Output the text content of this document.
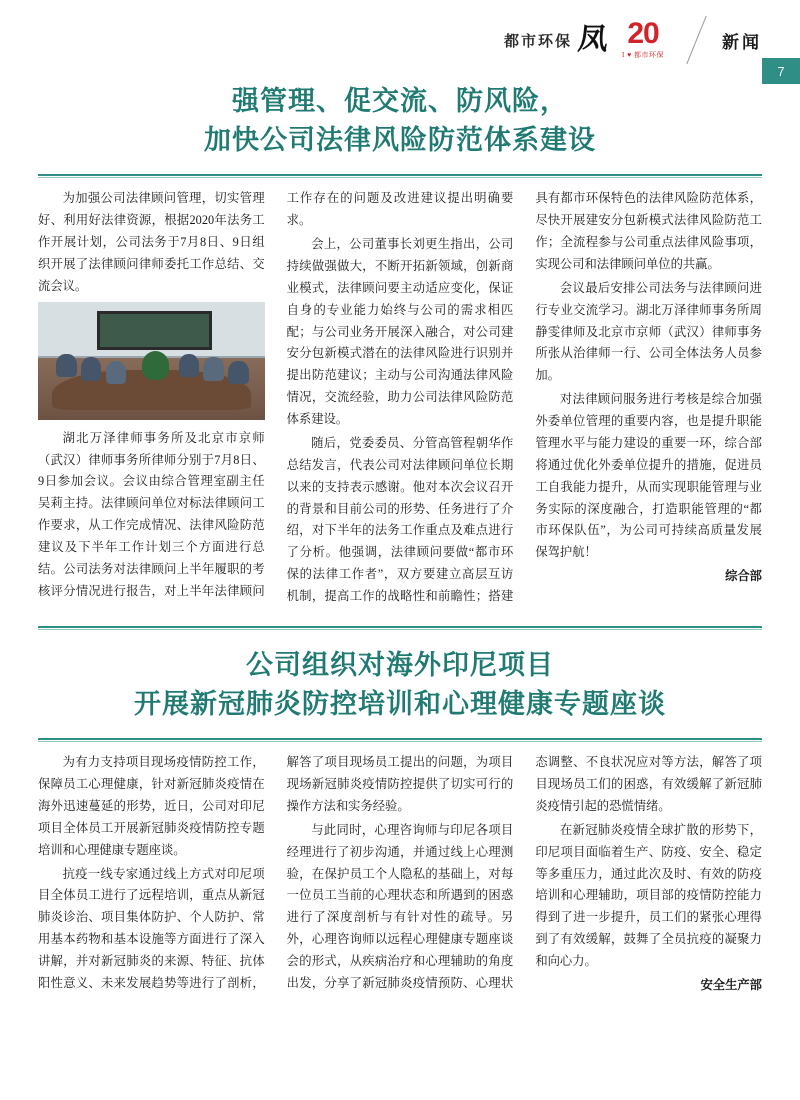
都市环保 凤 20
I ♥ 都市环保
新闻
7
强管理、促交流、防风险，
加快公司法律风险防范体系建设

为加强公司法律顾问管理，切实管理好、利用好法律资源，根据2020年法务工作开展计划，公司法务于7月8日、9日组织开展了法律顾问律师委托工作总结、交流会议。

湖北万泽律师事务所及北京市京师（武汉）律师事务所律师分别于7月8日、9日参加会议。会议由综合管理室副主任吴莉主持。法律顾问单位对标法律顾问工作要求，从工作完成情况、法律风险防范建议及下半年工作计划三个方面进行总结。公司法务对法律顾问上半年履职的考核评分情况进行报告，对上半年法律顾问工作存在的问题及改进建议提出明确要求。

会上，公司董事长刘更生指出，公司持续做强做大，不断开拓新领域，创新商业模式，法律顾问要主动适应变化，保证自身的专业能力始终与公司的需求相匹配；与公司业务开展深入融合，对公司建安分包新模式潜在的法律风险进行识别并提出防范建议；主动与公司沟通法律风险情况，交流经验，助力公司法律风险防范体系建设。

随后，党委委员、分管高管程朝华作总结发言，代表公司对法律顾问单位长期以来的支持表示感谢。他对本次会议召开的背景和目前公司的形势、任务进行了介绍，对下半年的法务工作重点及难点进行了分析。他强调，法律顾问要做“都市环保的法律工作者”，双方要建立高层互访机制，提高工作的战略性和前瞻性；搭建具有都市环保特色的法律风险防范体系，尽快开展建安分包新模式法律风险防范工作；全流程参与公司重点法律风险事项，实现公司和法律顾问单位的共赢。

会议最后安排公司法务与法律顾问进行专业交流学习。湖北万泽律师事务所周静雯律师及北京市京师（武汉）律师事务所张从治律师一行、公司全体法务人员参加。

对法律顾问服务进行考核是综合加强外委单位管理的重要内容，也是提升职能管理水平与能力建设的重要一环，综合部将通过优化外委单位提升的措施，促进员工自我能力提升，从而实现职能管理与业务实际的深度融合，打造职能管理的“都市环保队伍”，为公司可持续高质量发展保驾护航！

综合部

公司组织对海外印尼项目
开展新冠肺炎防控培训和心理健康专题座谈

为有力支持项目现场疫情防控工作，保障员工心理健康，针对新冠肺炎疫情在海外迅速蔓延的形势，近日，公司对印尼项目全体员工开展新冠肺炎疫情防控专题培训和心理健康专题座谈。

抗疫一线专家通过线上方式对印尼项目全体员工进行了远程培训，重点从新冠肺炎诊治、项目集体防护、个人防护、常用基本药物和基本设施等方面进行了深入讲解，并对新冠肺炎的来源、特征、抗体阳性意义、未来发展趋势等进行了剖析，解答了项目现场员工提出的问题，为项目现场新冠肺炎疫情防控提供了切实可行的操作方法和实务经验。

与此同时，心理咨询师与印尼各项目经理进行了初步沟通，并通过线上心理测验，在保护员工个人隐私的基础上，对每一位员工当前的心理状态和所遇到的困惑进行了深度剖析与有针对性的疏导。另外，心理咨询师以远程心理健康专题座谈会的形式，从疾病治疗和心理辅助的角度出发，分享了新冠肺炎疫情预防、心理状态调整、不良状况应对等方法，解答了项目现场员工们的困惑，有效缓解了新冠肺炎疫情引起的恐慌情绪。

在新冠肺炎疫情全球扩散的形势下，印尼项目面临着生产、防疫、安全、稳定等多重压力，通过此次及时、有效的防疫培训和心理辅助，项目部的疫情防控能力得到了进一步提升，员工们的紧张心理得到了有效缓解，鼓舞了全员抗疫的凝聚力和向心力。

安全生产部
